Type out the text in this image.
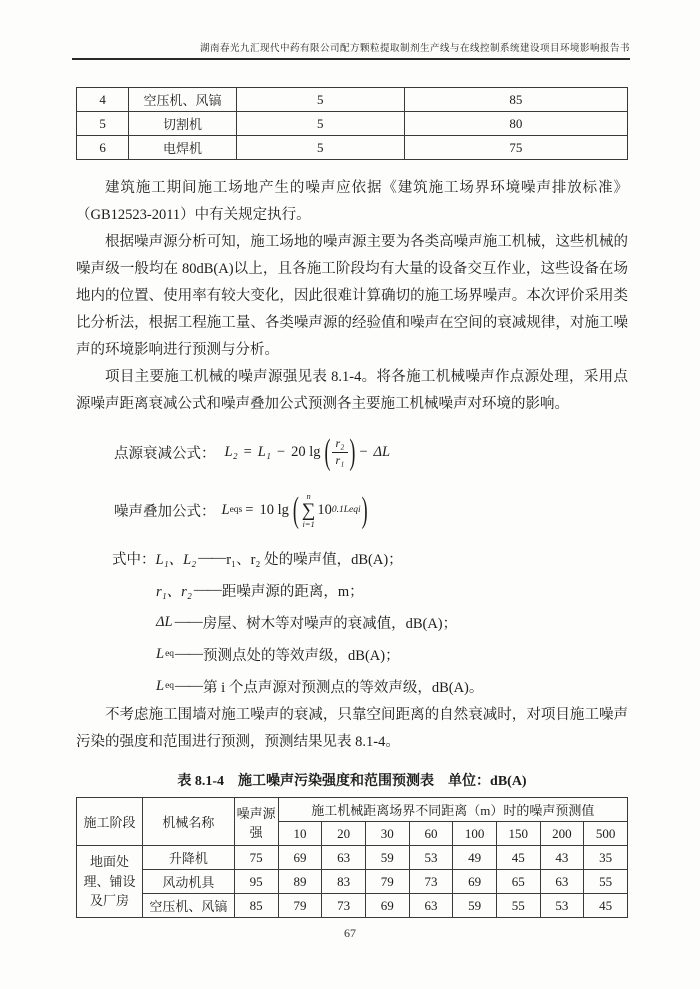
湖南春光九汇现代中药有限公司配方颗粒提取制剂生产线与在线控制系统建设项目环境影响报告书
4	空压机、风镐	5	85
5	切割机	5	80
6	电焊机	5	75

建筑施工期间施工场地产生的噪声应依据《建筑施工场界环境噪声排放标准》（GB12523-2011）中有关规定执行。

根据噪声源分析可知，施工场地的噪声源主要为各类高噪声施工机械，这些机械的噪声级一般均在 80dB(A)以上，且各施工阶段均有大量的设备交互作业，这些设备在场地内的位置、使用率有较大变化，因此很难计算确切的施工场界噪声。本次评价采用类比分析法，根据工程施工量、各类噪声源的经验值和噪声在空间的衰减规律，对施工噪声的环境影响进行预测与分析。

项目主要施工机械的噪声源强见表 8.1-4。将各施工机械噪声作点源处理，采用点源噪声距离衰减公式和噪声叠加公式预测各主要施工机械噪声对环境的影响。

点源衰减公式： L₂ = L₁ − 20 lg ( $\frac{\text{r₂}}{\text{r₁}}$ ) − ΔL
噪声叠加公式： L eqs = 10 lg ( n
∑
i=1
10 0.1Leqi )
式中： L₁、L₂ —— r₁、r₂ 处的噪声值，dB(A)；
r₁、r₂ —— 距噪声源的距离，m；
ΔL —— 房屋、树木等对噪声的衰减值，dB(A)；
L eq —— 预测点处的等效声级，dB(A)；
L eq —— 第 i 个点声源对预测点的等效声级，dB(A)。

不考虑施工围墙对施工噪声的衰减，只靠空间距离的自然衰减时，对项目施工噪声污染的强度和范围进行预测，预测结果见表 8.1-4。

表 8.1-4　施工噪声污染强度和范围预测表　单位：dB(A)
施工阶段	机械名称	噪声源强	施工机械距离场界不同距离（m）时的噪声预测值							
			10	20	30	60	100	150	200	500
地面处理、铺设及厂房	升降机	75	69	63	59	53	49	45	43	35
	风动机具	95	89	83	79	73	69	65	63	55
	空压机、风镐	85	79	73	69	63	59	55	53	45
67
